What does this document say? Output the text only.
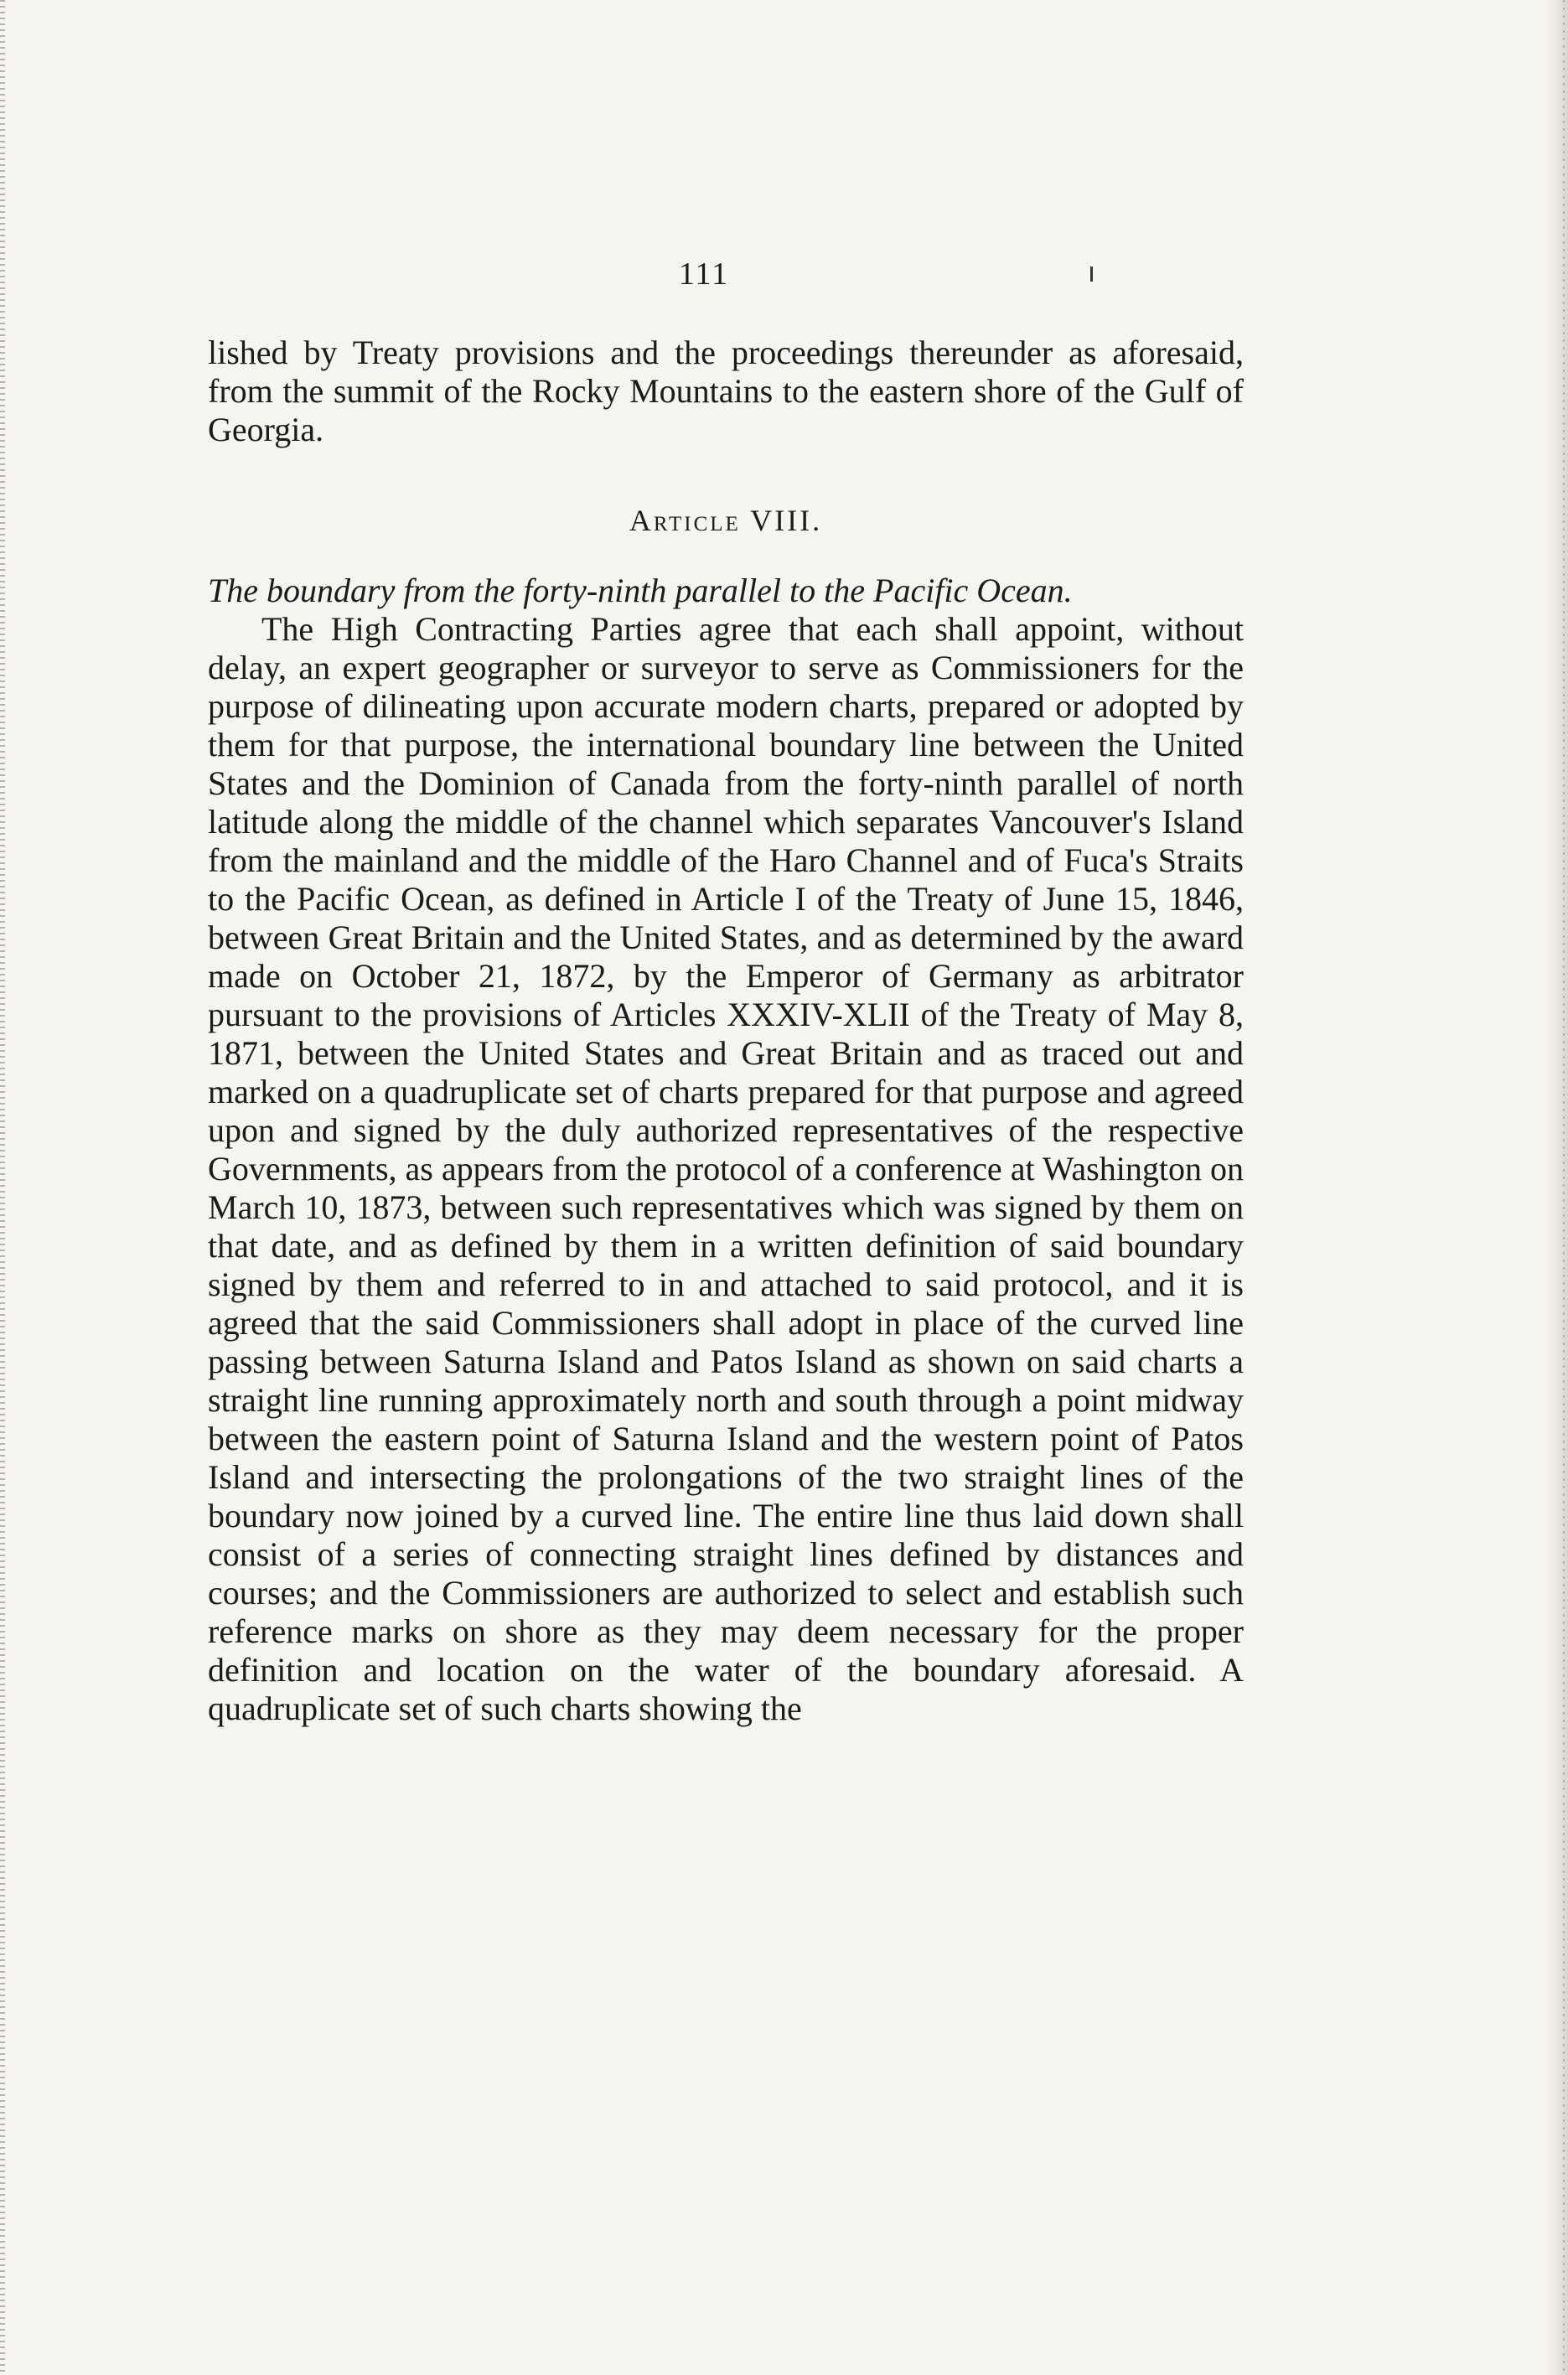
111

lished by Treaty provisions and the proceedings thereunder as aforesaid, from the summit of the Rocky Mountains to the eastern shore of the Gulf of Georgia.

Article VIII.

The boundary from the forty-ninth parallel to the Pacific Ocean.

The High Contracting Parties agree that each shall appoint, without delay, an expert geographer or surveyor to serve as Commissioners for the purpose of dilineating upon accurate modern charts, prepared or adopted by them for that purpose, the international boundary line between the United States and the Dominion of Canada from the forty-ninth parallel of north latitude along the middle of the channel which separates Vancouver's Island from the mainland and the middle of the Haro Channel and of Fuca's Straits to the Pacific Ocean, as defined in Article I of the Treaty of June 15, 1846, between Great Britain and the United States, and as determined by the award made on October 21, 1872, by the Emperor of Germany as arbitrator pursuant to the provisions of Articles XXXIV-XLII of the Treaty of May 8, 1871, between the United States and Great Britain and as traced out and marked on a quadruplicate set of charts prepared for that purpose and agreed upon and signed by the duly authorized representatives of the respective Governments, as appears from the protocol of a conference at Washington on March 10, 1873, between such representatives which was signed by them on that date, and as defined by them in a written definition of said boundary signed by them and referred to in and attached to said protocol, and it is agreed that the said Commissioners shall adopt in place of the curved line passing between Saturna Island and Patos Island as shown on said charts a straight line running approximately north and south through a point midway between the eastern point of Saturna Island and the western point of Patos Island and intersecting the prolongations of the two straight lines of the boundary now joined by a curved line. The entire line thus laid down shall consist of a series of connecting straight lines defined by distances and courses; and the Commissioners are authorized to select and establish such reference marks on shore as they may deem necessary for the proper definition and location on the water of the boundary aforesaid. A quadruplicate set of such charts showing the
